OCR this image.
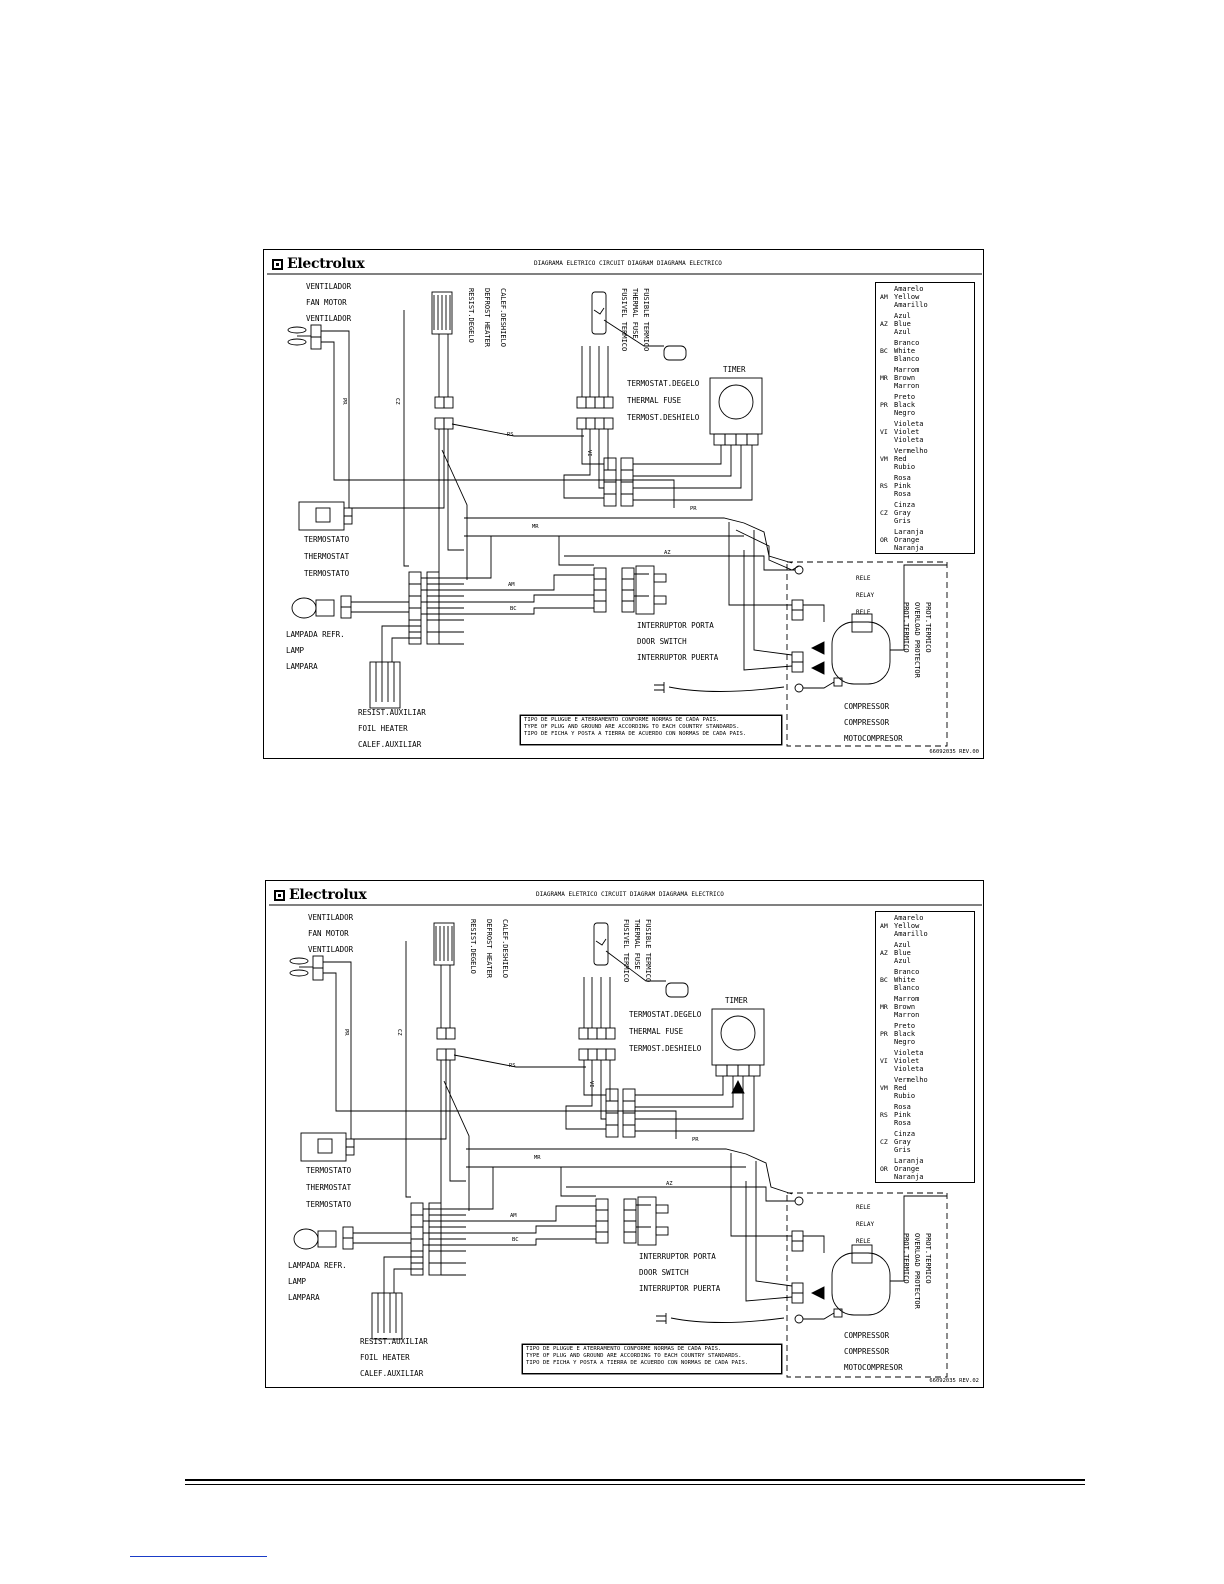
Electrolux	DIAGRAMA ELETRICO CIRCUIT DIAGRAM DIAGRAMA ELECTRICO
VENTILADOR
FAN MOTOR
VENTILADOR	RESIST.DEGELO DEFROST HEATER CALEF.DESHIELO	FUSIVEL TERMICO THERMAL FUSE FUSIBLE TERMICO
TERMOSTAT.DEGELO
THERMAL FUSE
TERMOST.DESHIELO
TIMER
TERMOSTATO
THERMOSTAT
TERMOSTATO
LAMPADA REFR.
LAMP
LAMPARA
RESIST.AUXILIAR
FOIL HEATER
CALEF.AUXILIAR
INTERRUPTOR PORTA
DOOR SWITCH
INTERRUPTOR PUERTA
COMPRESSOR
COMPRESSOR
MOTOCOMPRESOR
RELE
RELAY
RELE	PROT.TERMICO OVERLOAD PROTECTOR PROT.TERMICO
PR	CZ
RS
MR
AZ
AM
BC
PR
VI
AM
Amarelo
Yellow
Amarillo
AZ
Azul
Blue
Azul
BC
Branco
White
Blanco
MR
Marrom
Brown
Marron
PR
Preto
Black
Negro
VI
Violeta
Violet
Violeta
VM
Vermelho
Red
Rubio
RS
Rosa
Pink
Rosa
CZ
Cinza
Gray
Gris
OR
Laranja
Orange
Naranja
TIPO DE PLUGUE E ATERRAMENTO CONFORME NORMAS DE CADA PAIS.
TYPE OF PLUG AND GROUND ARE ACCORDING TO EACH COUNTRY STANDARDS.
TIPO DE FICHA Y POSTA A TIERRA DE ACUERDO CON NORMAS DE CADA PAIS.
66092035 REV.00
Electrolux	DIAGRAMA ELETRICO CIRCUIT DIAGRAM DIAGRAMA ELECTRICO
VENTILADOR
FAN MOTOR
VENTILADOR	RESIST.DEGELO DEFROST HEATER CALEF.DESHIELO	FUSIVEL TERMICO THERMAL FUSE FUSIBLE TERMICO
TERMOSTAT.DEGELO
THERMAL FUSE
TERMOST.DESHIELO
TIMER
TERMOSTATO
THERMOSTAT
TERMOSTATO
LAMPADA REFR.
LAMP
LAMPARA
RESIST.AUXILIAR
FOIL HEATER
CALEF.AUXILIAR
INTERRUPTOR PORTA
DOOR SWITCH
INTERRUPTOR PUERTA
COMPRESSOR
COMPRESSOR
MOTOCOMPRESOR
RELE
RELAY
RELE	PROT.TERMICO OVERLOAD PROTECTOR PROT.TERMICO
PR	CZ
RS
MR
AZ
AM
BC
PR
VI
AM
Amarelo
Yellow
Amarillo
AZ
Azul
Blue
Azul
BC
Branco
White
Blanco
MR
Marrom
Brown
Marron
PR
Preto
Black
Negro
VI
Violeta
Violet
Violeta
VM
Vermelho
Red
Rubio
RS
Rosa
Pink
Rosa
CZ
Cinza
Gray
Gris
OR
Laranja
Orange
Naranja
TIPO DE PLUGUE E ATERRAMENTO CONFORME NORMAS DE CADA PAIS.
TYPE OF PLUG AND GROUND ARE ACCORDING TO EACH COUNTRY STANDARDS.
TIPO DE FICHA Y POSTA A TIERRA DE ACUERDO CON NORMAS DE CADA PAIS.
66092035 REV.02
